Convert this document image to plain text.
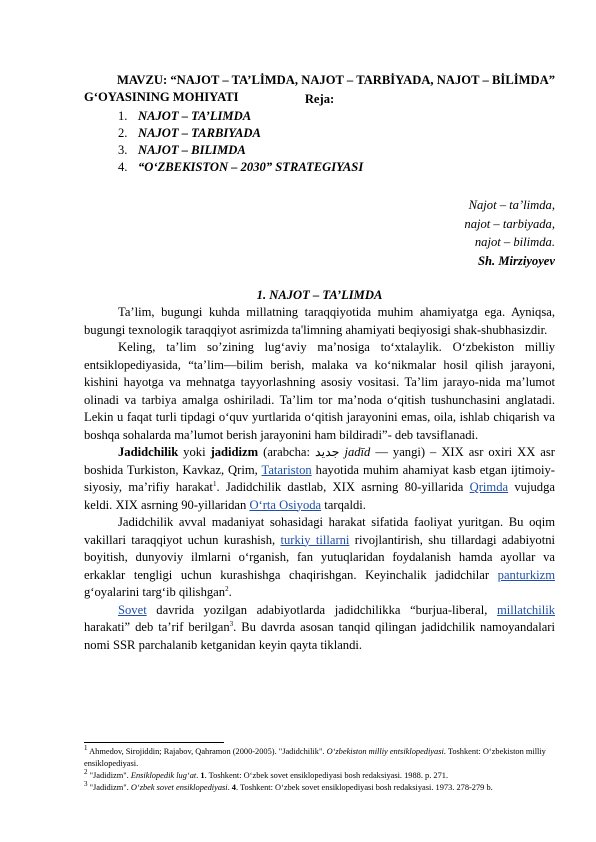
MAVZU: “NAJOT – TA’LİMDA, NAJOT – TARBİYADA, NAJOT – BİLİMDA” G‘OYASINING MOHIYATI	Reja:
1. NAJOT – TA’LIMDA
2. NAJOT – TARBIYADA
3. NAJOT – BILIMDA
4. “O‘ZBEKISTON – 2030” STRATEGIYASI
Najot – ta’limda,
najot – tarbiyada,
najot – bilimda.
Sh. Mirziyoyev
1. NAJOT – TA’LIMDA

Ta’lim, bugungi kuhda millatning taraqqiyotida muhim ahamiyatga ega. Ayniqsa, bugungi texnologik taraqqiyot asrimizda ta'limning ahamiyati beqiyosigi shak-shubhasizdir.

Keling, ta’lim so’zining lug‘aviy ma’nosiga to‘xtalaylik. O‘zbekiston milliy entsiklopediyasida, “ta’lim—bilim berish, malaka va ko‘nikmalar hosil qilish jarayoni, kishini hayotga va mehnatga tayyorlashning asosiy vositasi. Ta’lim jarayo-nida ma’lumot olinadi va tarbiya amalga oshiriladi. Ta’lim tor ma’noda o‘qitish tushunchasini anglatadi. Lekin u faqat turli tipdagi o‘quv yurtlarida o‘qitish jarayonini emas, oila, ishlab chiqarish va boshqa sohalarda ma’lumot berish jarayonini ham bildiradi”- deb tavsiflanadi.

Jadidchilik yoki jadidizm (arabcha: جديد jadīd — yangi) – XIX asr oxiri XX asr boshida Turkiston, Kavkaz, Qrim, Tatariston hayotida muhim ahamiyat kasb etgan ijtimoiy-siyosiy, ma’rifiy harakat$^1$. Jadidchilik dastlab, XIX asrning 80-yillarida Qrimda vujudga keldi. XIX asrning 90-yillaridan O‘rta Osiyoda tarqaldi.

Jadidchilik avval madaniyat sohasidagi harakat sifatida faoliyat yuritgan. Bu oqim vakillari taraqqiyot uchun kurashish, turkiy tillarni rivojlantirish, shu tillardagi adabiyotni boyitish, dunyoviy ilmlarni o‘rganish, fan yutuqlaridan foydalanish hamda ayollar va erkaklar tengligi uchun kurashishga chaqirishgan. Keyinchalik jadidchilar panturkizm g‘oyalarini targ‘ib qilishgan$^2$.

Sovet davrida yozilgan adabiyotlarda jadidchilikka “burjua-liberal, millatchilik harakati” deb ta’rif berilgan$^3$. Bu davrda asosan tanqid qilingan jadidchilik namoyandalari nomi SSR parchalanib ketganidan keyin qayta tiklandi.

$^1$ Ahmedov, Sirojiddin; Rajabov, Qahramon (2000-2005). "Jadidchilik". O‘zbekiston milliy entsiklopediyasi. Toshkent: O‘zbekiston milliy ensiklopediyasi.

$^2$ "Jadidizm". Ensiklopedik lug‘at. 1. Toshkent: O‘zbek sovet ensiklopediyasi bosh redaksiyasi. 1988. p. 271.

$^3$ "Jadidizm". O‘zbek sovet ensiklopediyasi. 4. Toshkent: O‘zbek sovet ensiklopediyasi bosh redaksiyasi. 1973. 278-279 b.
